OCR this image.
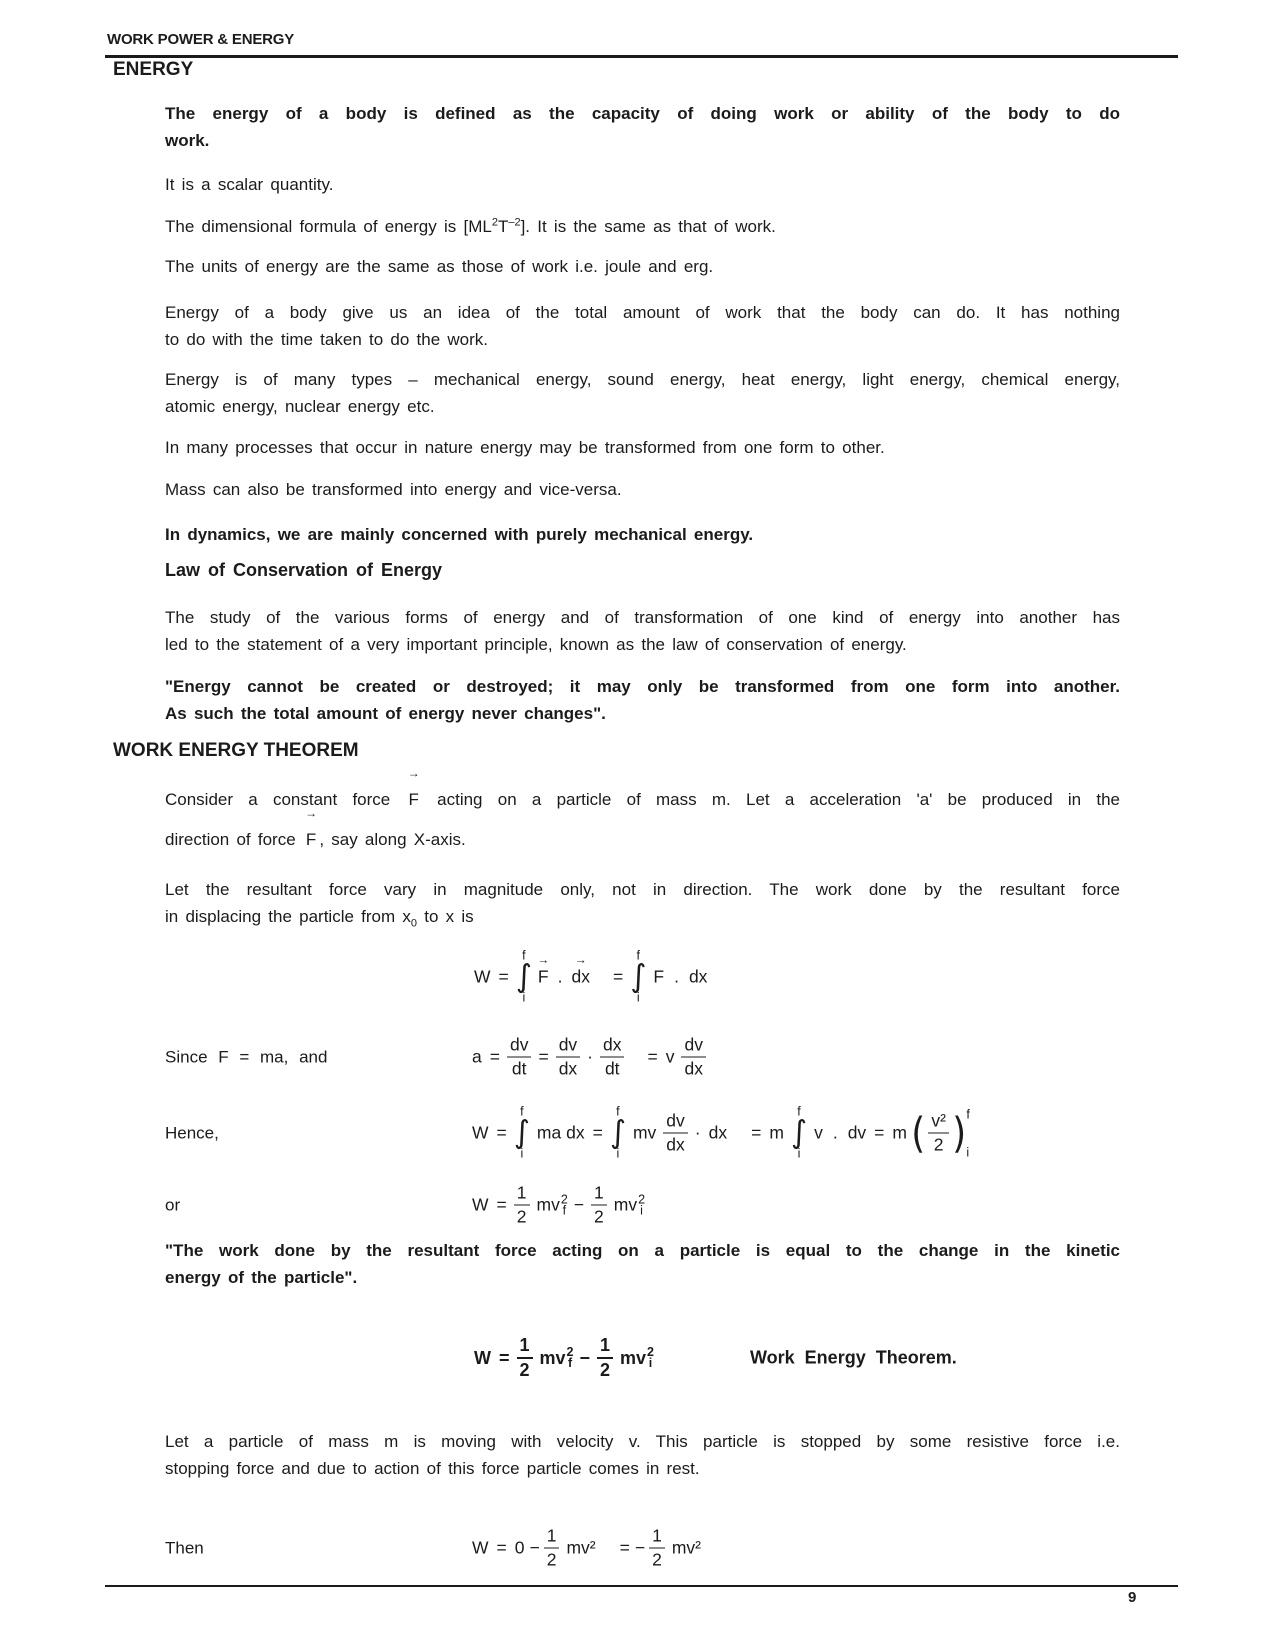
WORK POWER & ENERGY
ENERGY
The energy of a body is defined as the capacity of doing work or ability of the body to do
work.
It is a scalar quantity.
The dimensional formula of energy is $[ML^2T^{-2}]$. It is the same as that of work.
The units of energy are the same as those of work i.e. joule and erg.
Energy of a body give us an idea of the total amount of work that the body can do. It has nothing
to do with the time taken to do the work.
Energy is of many types – mechanical energy, sound energy, heat energy, light energy, chemical energy,
atomic energy, nuclear energy etc.
In many processes that occur in nature energy may be transformed from one form to other.
Mass can also be transformed into energy and vice-versa.
In dynamics, we are mainly concerned with purely mechanical energy.
Law of Conservation of Energy
The study of the various forms of energy and of transformation of one kind of energy into another has
led to the statement of a very important principle, known as the law of conservation of energy.
"Energy cannot be created or destroyed; it may only be transformed from one form into another.
As such the total amount of energy never changes".
WORK ENERGY THEOREM
Consider a constant force
→
F acting on a particle of mass m. Let a acceleration 'a' be produced in the
direction of force
→
F , say along X-axis.
Let the resultant force vary in magnitude only, not in direction. The work done by the resultant force
in displacing the particle from $x_0$ to x is
W =
f
∫
i
→
F .
→
dx =
f
∫
i
F . dx
Since F = ma, and	$a = \frac{dv}{dt} = \frac{dv}{dx} \cdot \frac{dx}{dt} = v \frac{dv}{dx}$
Hence,	W =
f
∫
i
ma dx =
f
∫
i
mv $\frac{dv}{dx}$ · dx = m
f
∫
i
v . dv = m ( $\frac{\text{v²}}{2}$ ) f
i
or	$W = \frac{1}{2}$ mv 2
$f - \frac{1}{2}$ mv 2
i
"The work done by the resultant force acting on a particle is equal to the change in the kinetic
energy of the particle".
$W = \frac{1}{2}$ mv 2
$f - \frac{1}{2}$ mv 2
i	Work Energy Theorem.
Let a particle of mass m is moving with velocity v. This particle is stopped by some resistive force i.e.
stopping force and due to action of this force particle comes in rest.
Then	$W = 0 - \frac{1}{2} mv^2$ = − $\frac{1}{2} mv^2$
9
